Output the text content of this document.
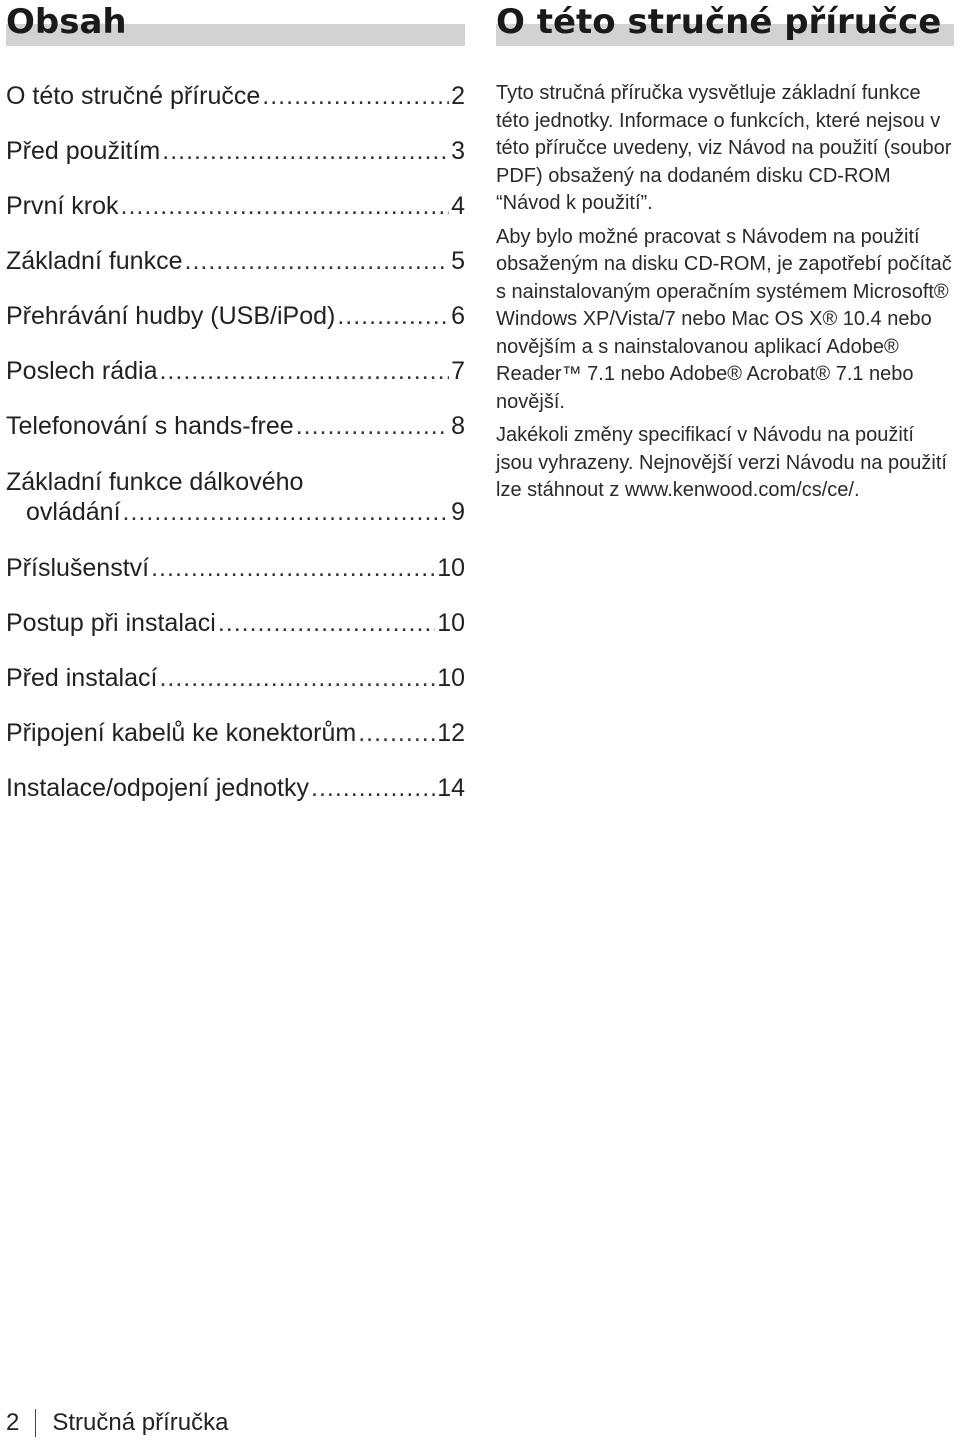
Obsah
O této stručné příručce .....	2
Před použitím .....	3
První krok .....	4
Základní funkce .....	5
Přehrávání hudby (USB/iPod) .....	6
Poslech rádia .....	7
Telefonování s hands-free .....	8
Základní funkce dálkového
ovládání .....	9
Příslušenství .....	10
Postup při instalaci .....	10
Před instalací .....	10
Připojení kabelů ke konektorům .....	12
Instalace/odpojení jednotky .....	14
O této stručné příručce

Tyto stručná příručka vysvětluje základní funkce této jednotky. Informace o funkcích, které nejsou v této příručce uvedeny, viz Návod na použití (soubor PDF) obsažený na dodaném disku CD-ROM “Návod k použití”.

Aby bylo možné pracovat s Návodem na použití obsaženým na disku CD-ROM, je zapotřebí počítač s nainstalovaným operačním systémem Microsoft® Windows XP/Vista/7 nebo Mac OS X® 10.4 nebo novějším a s nainstalovanou aplikací Adobe® Reader™ 7.1 nebo Adobe® Acrobat® 7.1 nebo novější.

Jakékoli změny specifikací v Návodu na použití jsou vyhrazeny. Nejnovější verzi Návodu na použití lze stáhnout z www.kenwood.com/cs/ce/.

2	Stručná příručka
